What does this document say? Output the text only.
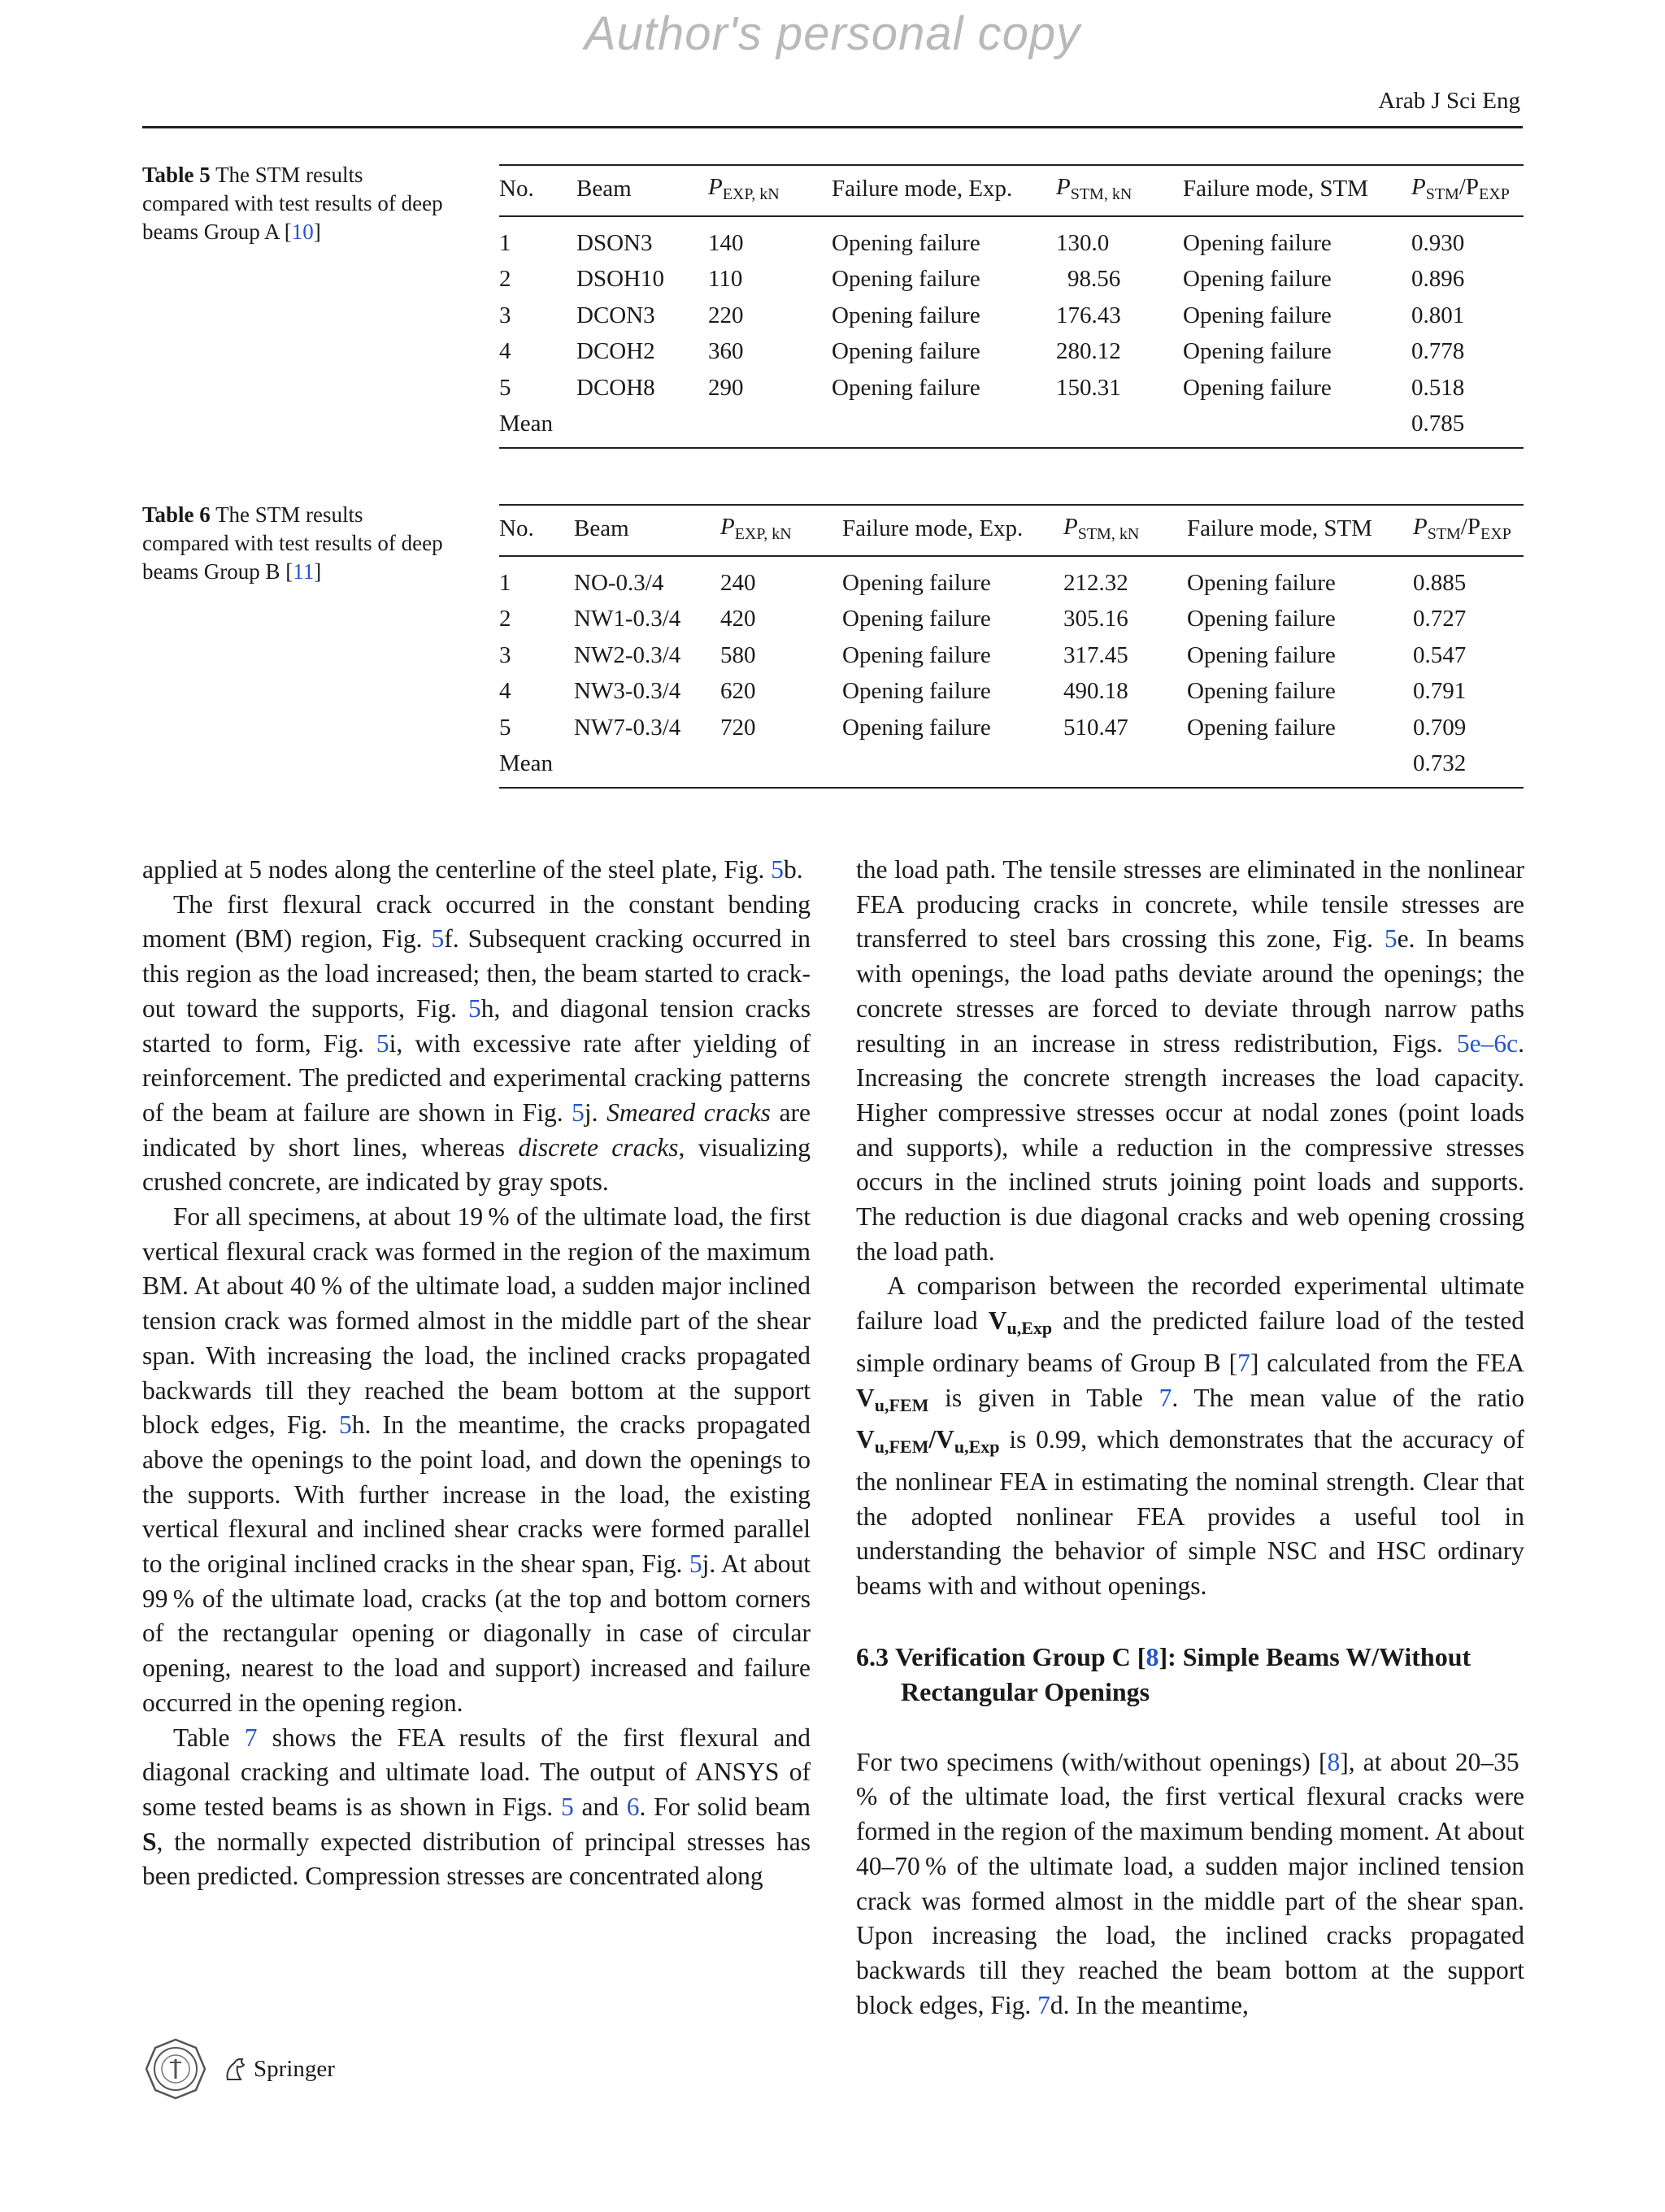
Author's personal copy
Arab J Sci Eng
Table 5 The STM results compared with test results of deep beams Group A [10]
No.	Beam	$P_{EXP, kN}$	Failure mode, Exp.	$P_{STM, kN}$	Failure mode, STM	$P_{STM}/P_{EXP}$
1	DSON3	140	Opening failure	130.0	Opening failure	0.930
2	DSOH10	110	Opening failure	98.56	Opening failure	0.896
3	DCON3	220	Opening failure	176.43	Opening failure	0.801
4	DCOH2	360	Opening failure	280.12	Opening failure	0.778
5	DCOH8	290	Opening failure	150.31	Opening failure	0.518
Mean						0.785
Table 6 The STM results compared with test results of deep beams Group B [11]
No.	Beam	$P_{EXP, kN}$	Failure mode, Exp.	$P_{STM, kN}$	Failure mode, STM	$P_{STM}/P_{EXP}$
1	NO-0.3/4	240	Opening failure	212.32	Opening failure	0.885
2	NW1-0.3/4	420	Opening failure	305.16	Opening failure	0.727
3	NW2-0.3/4	580	Opening failure	317.45	Opening failure	0.547
4	NW3-0.3/4	620	Opening failure	490.18	Opening failure	0.791
5	NW7-0.3/4	720	Opening failure	510.47	Opening failure	0.709
Mean						0.732

applied at 5 nodes along the centerline of the steel plate, Fig. 5b.

The first flexural crack occurred in the constant bending moment (BM) region, Fig. 5f. Subsequent cracking occurred in this region as the load increased; then, the beam started to crack-out toward the supports, Fig. 5h, and diagonal tension cracks started to form, Fig. 5i, with excessive rate after yielding of reinforcement. The predicted and experimental cracking patterns of the beam at failure are shown in Fig. 5j. Smeared cracks are indicated by short lines, whereas discrete cracks, visualizing crushed concrete, are indicated by gray spots.

For all specimens, at about 19 % of the ultimate load, the first vertical flexural crack was formed in the region of the maximum BM. At about 40 % of the ultimate load, a sudden major inclined tension crack was formed almost in the middle part of the shear span. With increasing the load, the inclined cracks propagated backwards till they reached the beam bottom at the support block edges, Fig. 5h. In the meantime, the cracks propagated above the openings to the point load, and down the openings to the supports. With further increase in the load, the existing vertical flexural and inclined shear cracks were formed parallel to the original inclined cracks in the shear span, Fig. 5j. At about 99 % of the ultimate load, cracks (at the top and bottom corners of the rectangular opening or diagonally in case of circular opening, nearest to the load and support) increased and failure occurred in the opening region.

Table 7 shows the FEA results of the first flexural and diagonal cracking and ultimate load. The output of ANSYS of some tested beams is as shown in Figs. 5 and 6. For solid beam S, the normally expected distribution of principal stresses has been predicted. Compression stresses are concentrated along

the load path. The tensile stresses are eliminated in the nonlinear FEA producing cracks in concrete, while tensile stresses are transferred to steel bars crossing this zone, Fig. 5e. In beams with openings, the load paths deviate around the openings; the concrete stresses are forced to deviate through narrow paths resulting in an increase in stress redistribution, Figs. 5e–6c. Increasing the concrete strength increases the load capacity. Higher compressive stresses occur at nodal zones (point loads and supports), while a reduction in the compressive stresses occurs in the inclined struts joining point loads and supports. The reduction is due diagonal cracks and web opening crossing the load path.

A comparison between the recorded experimental ultimate failure load Vu,Exp and the predicted failure load of the tested simple ordinary beams of Group B [7] calculated from the FEA Vu,FEM is given in Table 7. The mean value of the ratio Vu,FEM/Vu,Exp is 0.99, which demonstrates that the accuracy of the nonlinear FEA in estimating the nominal strength. Clear that the adopted nonlinear FEA provides a useful tool in understanding the behavior of simple NSC and HSC ordinary beams with and without openings.

6.3 Verification Group C [8]: Simple Beams W/Without Rectangular Openings

For two specimens (with/without openings) [8], at about 20–35 % of the ultimate load, the first vertical flexural cracks were formed in the region of the maximum bending moment. At about 40–70 % of the ultimate load, a sudden major inclined tension crack was formed almost in the middle part of the shear span. Upon increasing the load, the inclined cracks propagated backwards till they reached the beam bottom at the support block edges, Fig. 7d. In the meantime,

Springer
